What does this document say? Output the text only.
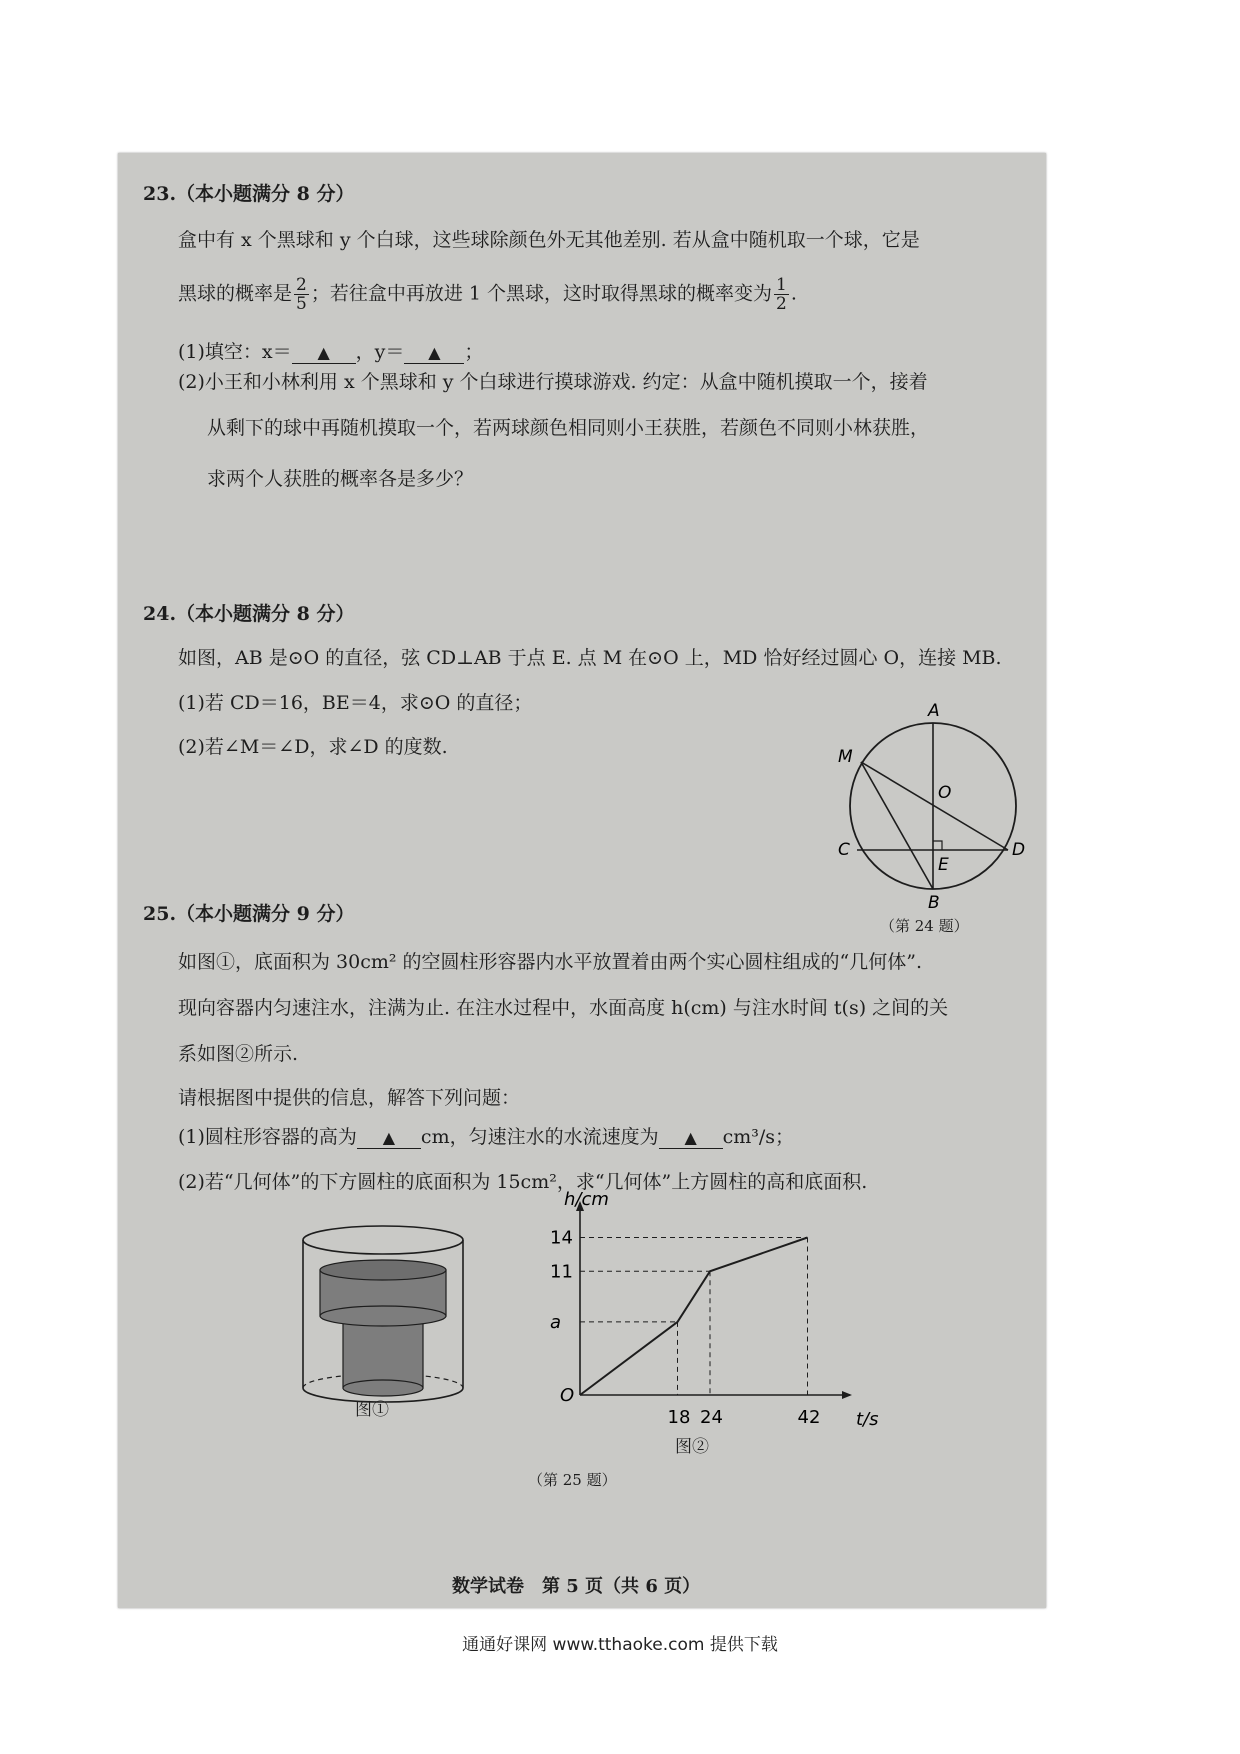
23.（本小题满分 8 分）
盒中有 x 个黑球和 y 个白球，这些球除颜色外无其他差别. 若从盒中随机取一个球，它是
黑球的概率是 $\frac{2}{5}$ ；若往盒中再放进 1 个黑球，这时取得黑球的概率变为 $\frac{1}{2}$ .
(1)填空：x＝ ▲ ，y＝ ▲ ；
(2)小王和小林利用 x 个黑球和 y 个白球进行摸球游戏. 约定：从盒中随机摸取一个，接着
从剩下的球中再随机摸取一个，若两球颜色相同则小王获胜，若颜色不同则小林获胜，
求两个人获胜的概率各是多少？
24.（本小题满分 8 分）
如图，AB 是⊙O 的直径，弦 CD⊥AB 于点 E. 点 M 在⊙O 上，MD 恰好经过圆心 O，连接 MB.
(1)若 CD＝16，BE＝4，求⊙O 的直径；
(2)若∠M＝∠D，求∠D 的度数.
A
M
O
C
E
D
B
（第 24 题）
25.（本小题满分 9 分）
如图①，底面积为 30cm² 的空圆柱形容器内水平放置着由两个实心圆柱组成的“几何体”.
现向容器内匀速注水，注满为止. 在注水过程中，水面高度 h(cm) 与注水时间 t(s) 之间的关
系如图②所示.
请根据图中提供的信息，解答下列问题：
(1)圆柱形容器的高为 ▲ cm，匀速注水的水流速度为 ▲ cm³/s；
(2)若“几何体”的下方圆柱的底面积为 15cm²，求“几何体”上方圆柱的高和底面积.
图①
h/cm
t/s
O
18 24	42
a
11
14
图②
（第 25 题）
数学试卷　第 5 页（共 6 页）
通通好课网 www.tthaoke.com 提供下载
